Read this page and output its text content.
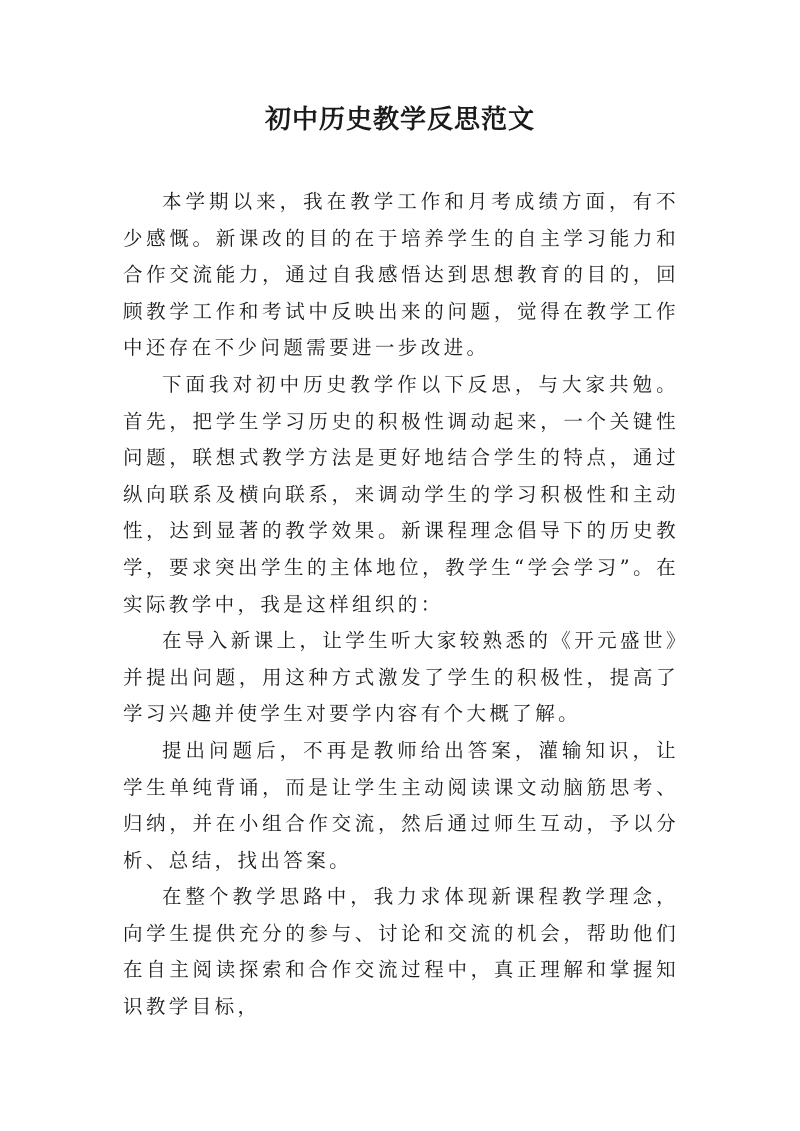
初中历史教学反思范文

本学期以来，我在教学工作和月考成绩方面，有不少感慨。新课改的目的在于培养学生的自主学习能力和合作交流能力，通过自我感悟达到思想教育的目的，回顾教学工作和考试中反映出来的问题，觉得在教学工作中还存在不少问题需要进一步改进。

下面我对初中历史教学作以下反思，与大家共勉。首先，把学生学习历史的积极性调动起来，一个关键性问题，联想式教学方法是更好地结合学生的特点，通过纵向联系及横向联系，来调动学生的学习积极性和主动性，达到显著的教学效果。新课程理念倡导下的历史教学，要求突出学生的主体地位，教学生“学会学习”。在实际教学中，我是这样组织的：

在导入新课上，让学生听大家较熟悉的《开元盛世》并提出问题，用这种方式激发了学生的积极性，提高了学习兴趣并使学生对要学内容有个大概了解。

提出问题后，不再是教师给出答案，灌输知识，让学生单纯背诵，而是让学生主动阅读课文动脑筋思考、归纳，并在小组合作交流，然后通过师生互动，予以分析、总结，找出答案。

在整个教学思路中，我力求体现新课程教学理念，向学生提供充分的参与、讨论和交流的机会，帮助他们在自主阅读探索和合作交流过程中，真正理解和掌握知识教学目标，
